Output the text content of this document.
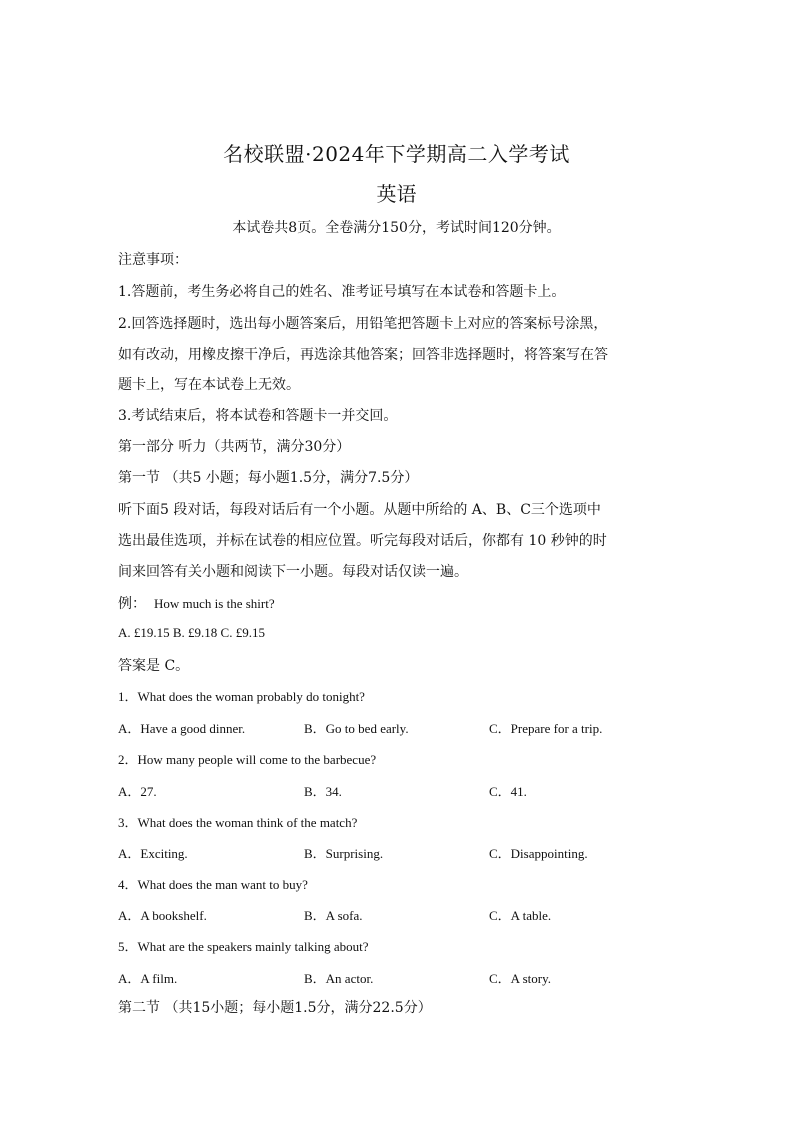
名校联盟·2024年下学期高二入学考试
英语
本试卷共8页。全卷满分150分，考试时间120分钟。
注意事项：
1.答题前，考生务必将自己的姓名、准考证号填写在本试卷和答题卡上。
2.回答选择题时，选出每小题答案后，用铅笔把答题卡上对应的答案标号涂黑，
如有改动，用橡皮擦干净后，再选涂其他答案；回答非选择题时，将答案写在答
题卡上，写在本试卷上无效。
3.考试结束后，将本试卷和答题卡一并交回。
第一部分 听力（共两节，满分30分）
第一节 （共5 小题；每小题1.5分，满分7.5分）
听下面5 段对话，每段对话后有一个小题。从题中所给的 A、B、C三个选项中
选出最佳选项，并标在试卷的相应位置。听完每段对话后，你都有 10 秒钟的时
间来回答有关小题和阅读下一小题。每段对话仅读一遍。
例： How much is the shirt?
A. £19.15 B. £9.18 C. £9.15
答案是 C。
1．What does the woman probably do tonight?
A．Have a good dinner.	B．Go to bed early.	C．Prepare for a trip.
2．How many people will come to the barbecue?
A．27.	B．34.	C．41.
3．What does the woman think of the match?
A．Exciting.	B．Surprising.	C．Disappointing.
4．What does the man want to buy?
A．A bookshelf.	B．A sofa.	C．A table.
5．What are the speakers mainly talking about?
A．A film.	B．An actor.	C．A story.
第二节 （共15小题；每小题1.5分，满分22.5分）
